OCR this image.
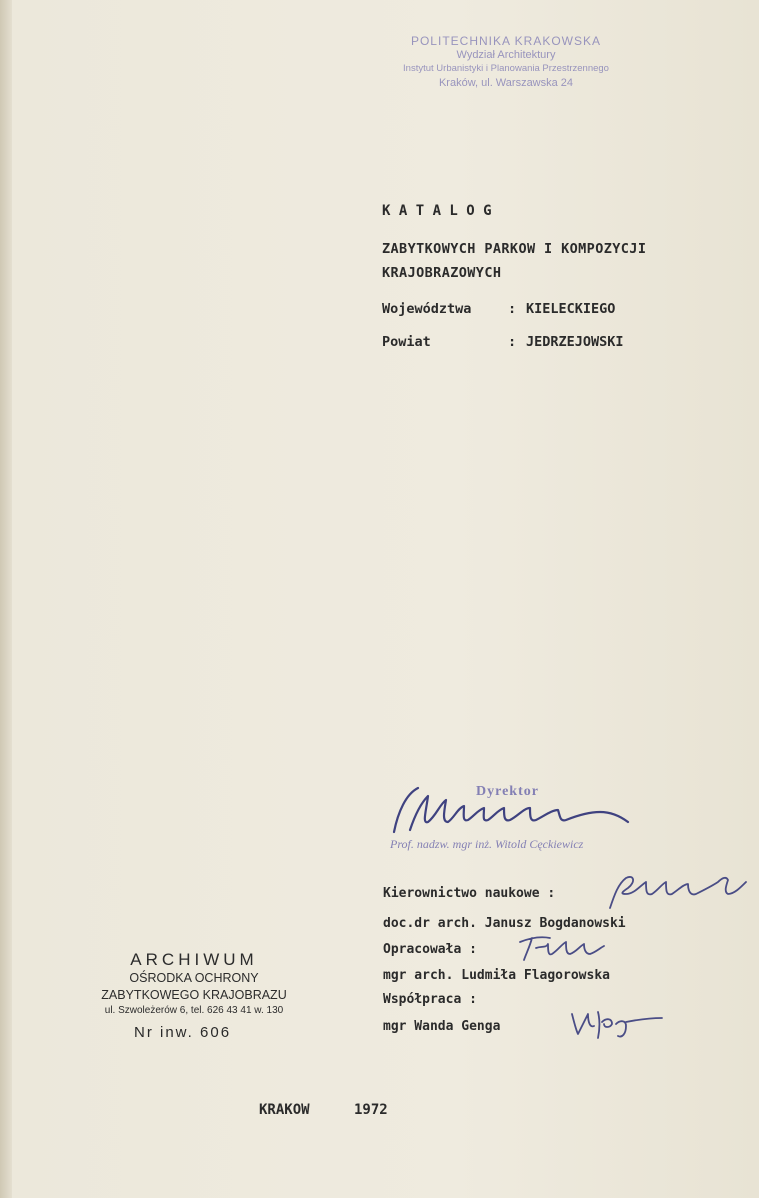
POLITECHNIKA KRAKOWSKA
Wydział Architektury
Instytut Urbanistyki i Planowania Przestrzennego
Kraków, ul. Warszawska 24
K A T A L O G
ZABYTKOWYCH PARKOW I KOMPOZYCJI
KRAJOBRAZOWYCH
Województwa	: KIELECKIEGO
Powiat	: JEDRZEJOWSKI
Dyrektor
Prof. nadzw. mgr inż. Witold Cęckiewicz
Kierownictwo naukowe :
doc.dr arch. Janusz Bogdanowski
Opracowała :
mgr arch. Ludmiła Flagorowska
Współpraca :
mgr Wanda Genga
ARCHIWUM
OŚRODKA OCHRONY
ZABYTKOWEGO KRAJOBRAZU
ul. Szwoleżerów 6, tel. 626 43 41 w. 130
Nr inw. 606
KRAKOW	1972
